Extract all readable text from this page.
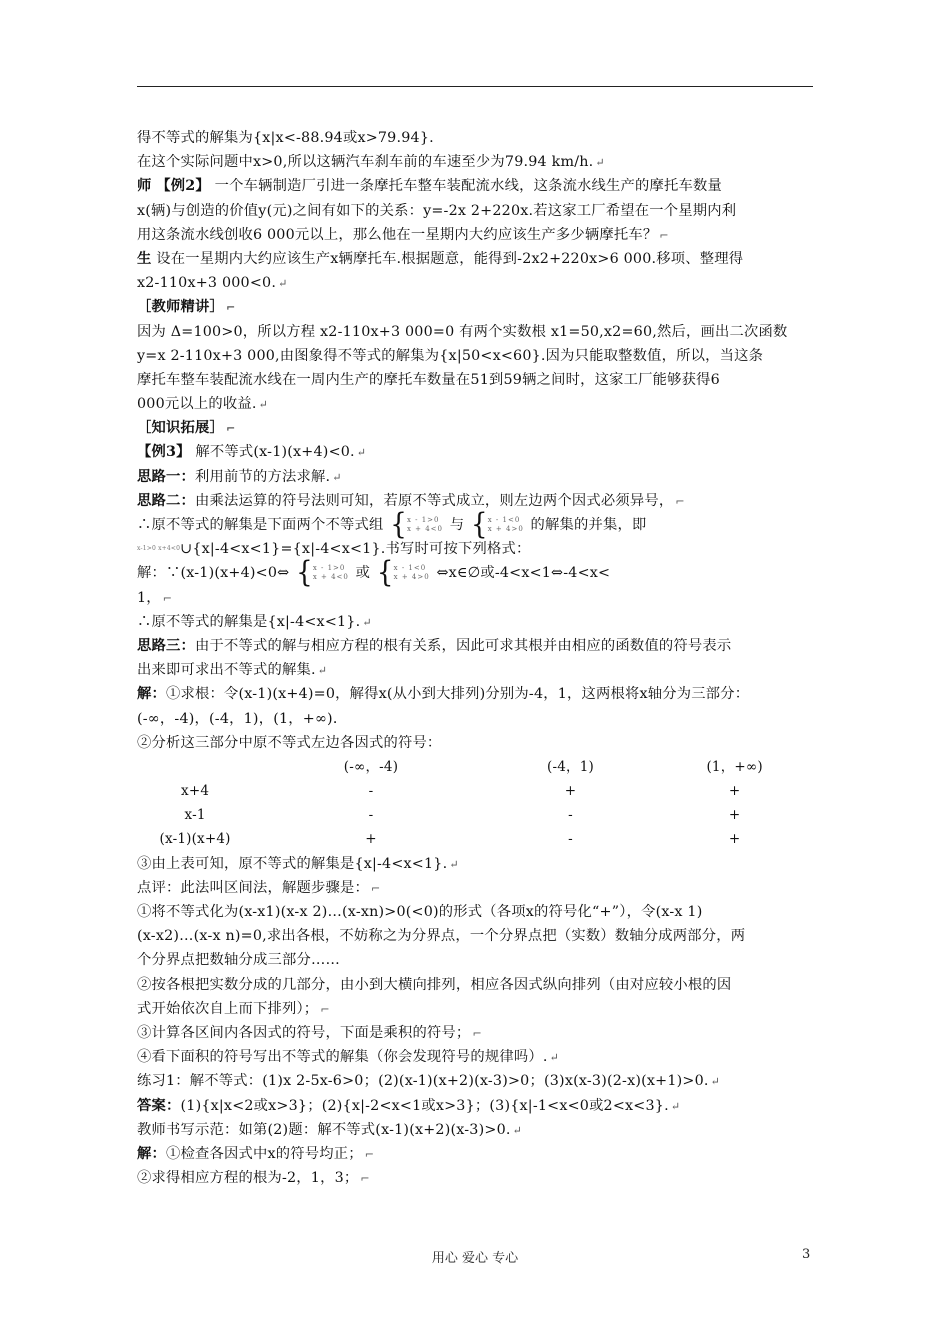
得不等式的解集为{x|x<-88.94或x>79.94}.
在这个实际问题中x>0,所以这辆汽车刹车前的车速至少为79.94 km/h. ↵
师 【例2】 一个车辆制造厂引进一条摩托车整车装配流水线，这条流水线生产的摩托车数量
x(辆)与创造的价值y(元)之间有如下的关系：y=-2x 2+220x.若这家工厂希望在一个星期内利
用这条流水线创收6 000元以上，那么他在一星期内大约应该生产多少辆摩托车？ ⌐
生 设在一星期内大约应该生产x辆摩托车.根据题意，能得到-2x2+220x>6 000.移项、整理得
x2-110x+3 000<0. ↵
［教师精讲］ ⌐
因为 Δ=100>0，所以方程 x2-110x+3 000=0 有两个实数根 x1=50,x2=60,然后，画出二次函数
y=x 2-110x+3 000,由图象得不等式的解集为{x|50<x<60}.因为只能取整数值，所以，当这条
摩托车整车装配流水线在一周内生产的摩托车数量在51到59辆之间时，这家工厂能够获得6
000元以上的收益. ↵
［知识拓展］ ⌐
【例3】 解不等式(x-1)(x+4)<0. ↵
思路一：利用前节的方法求解. ↵
思路二：由乘法运算的符号法则可知，若原不等式成立，则左边两个因式必须异号， ⌐
∴原不等式的解集是下面两个不等式组 {x - 1>0
x + 4<0 与 {x - 1<0
x + 4>0 的解集的并集，即
x-1>0 x+4<0∪{x|-4<x<1}={x|-4<x<1}.书写时可按下列格式：
解：∵(x-1)(x+4)<0⇔ {x - 1>0
x + 4<0 或 {x - 1<0
x + 4>0 ⇔x∈∅或-4<x<1⇔-4<x<
1， ⌐
∴原不等式的解集是{x|-4<x<1}. ↵
思路三：由于不等式的解与相应方程的根有关系，因此可求其根并由相应的函数值的符号表示
出来即可求出不等式的解集. ↵
解：①求根：令(x-1)(x+4)=0，解得x(从小到大排列)分别为-4，1，这两根将x轴分为三部分：
(-∞，-4)，(-4，1)，(1，+∞)．
②分析这三部分中原不等式左边各因式的符号：
	(-∞，-4)	(-4，1)	(1，+∞)
x+4	-	+	+
x-1	-	-	+
(x-1)(x+4)	+	-	+
③由上表可知，原不等式的解集是{x|-4<x<1}. ↵
点评：此法叫区间法，解题步骤是： ⌐
①将不等式化为(x-x1)(x-x 2)…(x-xn)>0(<0)的形式（各项x的符号化“+”），令(x-x 1)
(x-x2)…(x-x n)=0,求出各根，不妨称之为分界点，一个分界点把（实数）数轴分成两部分，两
个分界点把数轴分成三部分……
②按各根把实数分成的几部分，由小到大横向排列，相应各因式纵向排列（由对应较小根的因
式开始依次自上而下排列）； ⌐
③计算各区间内各因式的符号，下面是乘积的符号； ⌐
④看下面积的符号写出不等式的解集（你会发现符号的规律吗）. ↵
练习1：解不等式：(1)x 2-5x-6>0；(2)(x-1)(x+2)(x-3)>0；(3)x(x-3)(2-x)(x+1)>0. ↵
答案：(1){x|x<2或x>3}；(2){x|-2<x<1或x>3}；(3){x|-1<x<0或2<x<3}. ↵
教师书写示范：如第(2)题：解不等式(x-1)(x+2)(x-3)>0. ↵
解：①检查各因式中x的符号均正； ⌐
②求得相应方程的根为-2，1，3； ⌐
用心 爱心 专心	3
